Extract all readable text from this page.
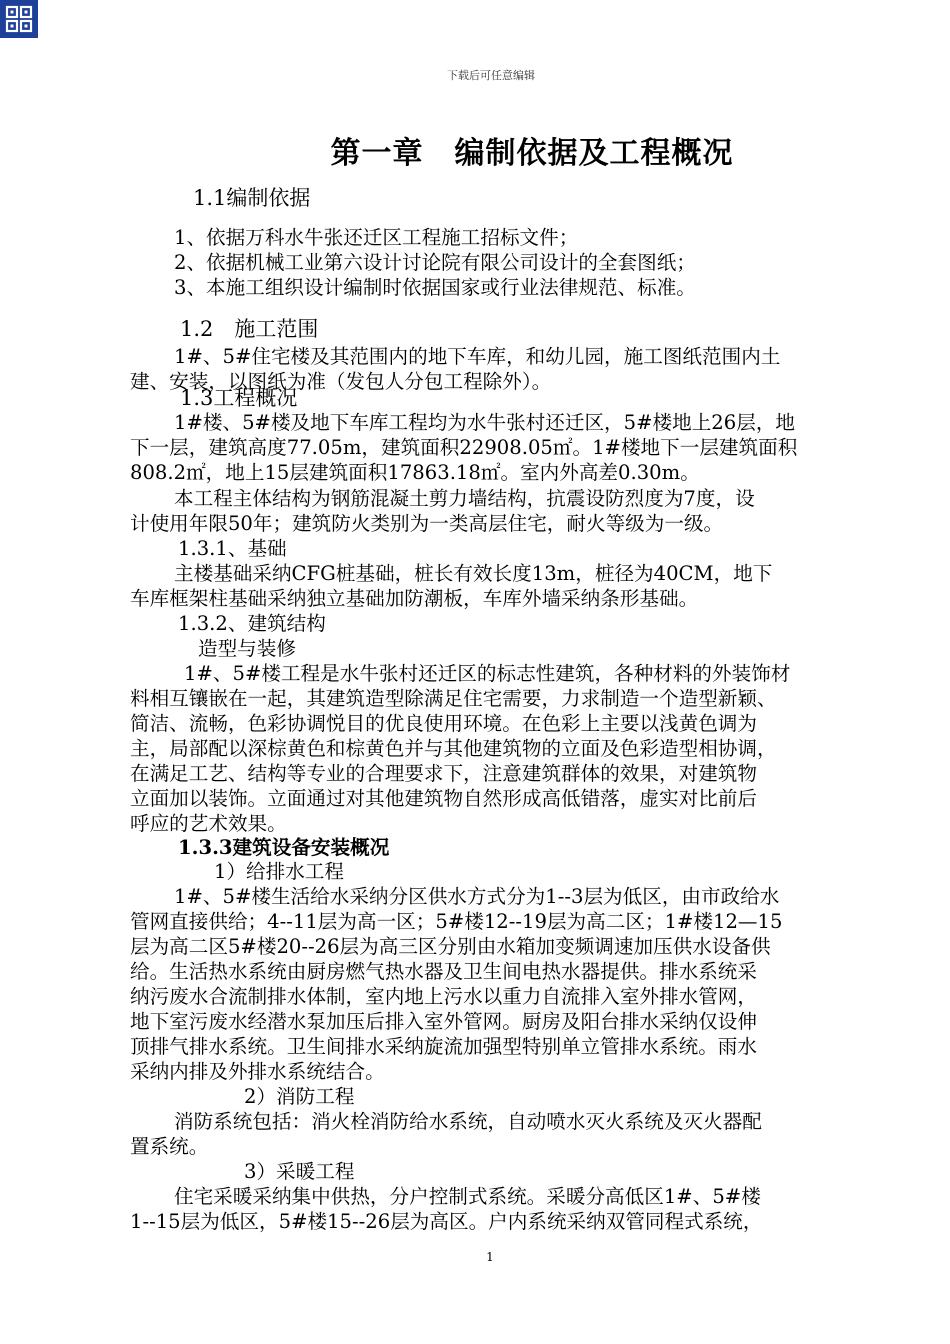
下载后可任意编辑
第一章　编制依据及工程概况
1.1编制依据
1、依据万科水牛张还迁区工程施工招标文件；
2、依据机械工业第六设计讨论院有限公司设计的全套图纸；
3、本施工组织设计编制时依据国家或行业法律规范、标准。
1.2　施工范围
1#、5#住宅楼及其范围内的地下车库，和幼儿园，施工图纸范围内土
建、安装，以图纸为准（发包人分包工程除外）。
1.3工程概况
1#楼、5#楼及地下车库工程均为水牛张村还迁区，5#楼地上26层，地
下一层，建筑高度77.05m，建筑面积22908.05㎡。1#楼地下一层建筑面积
808.2㎡，地上15层建筑面积17863.18㎡。室内外高差0.30m。
本工程主体结构为钢筋混凝土剪力墙结构，抗震设防烈度为7度，设
计使用年限50年；建筑防火类别为一类高层住宅，耐火等级为一级。
1.3.1、基础
主楼基础采纳CFG桩基础，桩长有效长度13m，桩径为40CM，地下
车库框架柱基础采纳独立基础加防潮板，车库外墙采纳条形基础。
1.3.2、建筑结构
造型与装修
1#、5#楼工程是水牛张村还迁区的标志性建筑，各种材料的外装饰材
料相互镶嵌在一起，其建筑造型除满足住宅需要，力求制造一个造型新颖、
简洁、流畅，色彩协调悦目的优良使用环境。在色彩上主要以浅黄色调为
主，局部配以深棕黄色和棕黄色并与其他建筑物的立面及色彩造型相协调，
在满足工艺、结构等专业的合理要求下，注意建筑群体的效果，对建筑物
立面加以装饰。立面通过对其他建筑物自然形成高低错落，虚实对比前后
呼应的艺术效果。
1.3.3建筑设备安装概况
1）给排水工程
1#、5#楼生活给水采纳分区供水方式分为1--3层为低区，由市政给水
管网直接供给；4--11层为高一区；5#楼12--19层为高二区；1#楼12—15
层为高二区5#楼20--26层为高三区分别由水箱加变频调速加压供水设备供
给。生活热水系统由厨房燃气热水器及卫生间电热水器提供。排水系统采
纳污废水合流制排水体制，室内地上污水以重力自流排入室外排水管网，
地下室污废水经潜水泵加压后排入室外管网。厨房及阳台排水采纳仅设伸
顶排气排水系统。卫生间排水采纳旋流加强型特别单立管排水系统。雨水
采纳内排及外排水系统结合。
2）消防工程
消防系统包括：消火栓消防给水系统，自动喷水灭火系统及灭火器配
置系统。
3）采暖工程
住宅采暖采纳集中供热，分户控制式系统。采暖分高低区1#、5#楼
1--15层为低区，5#楼15--26层为高区。户内系统采纳双管同程式系统，
1
